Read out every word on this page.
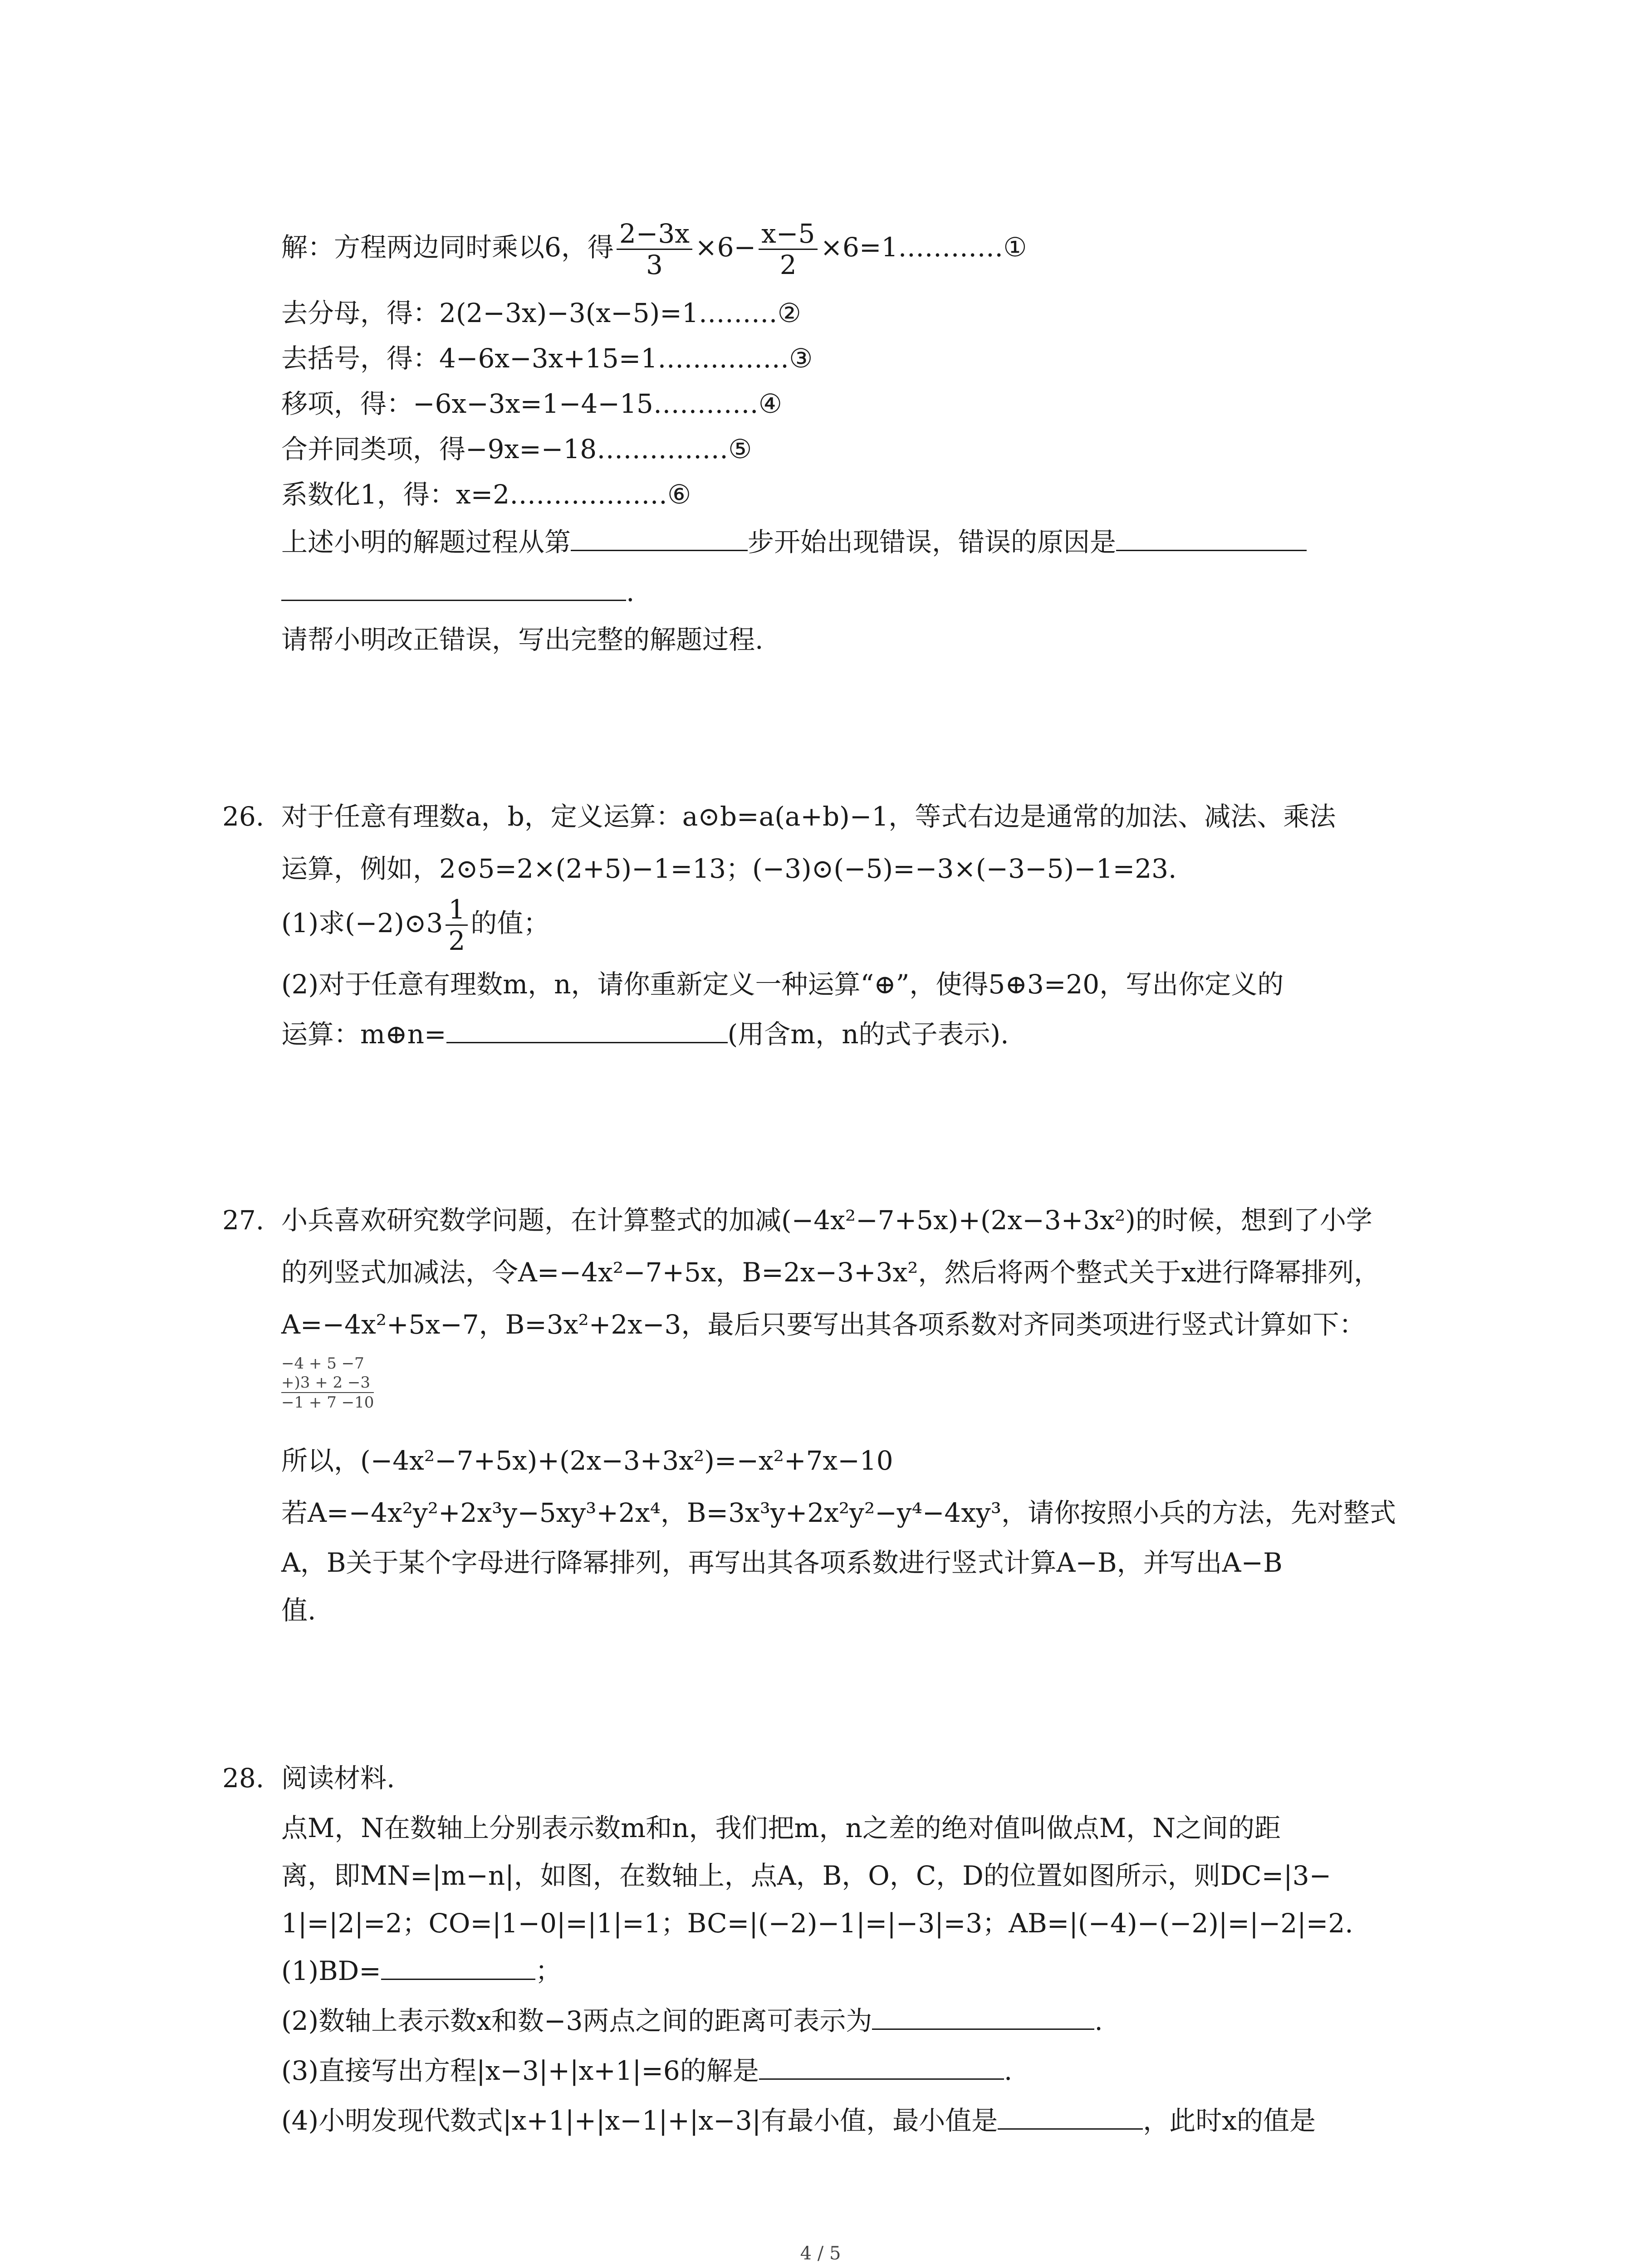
解：方程两边同时乘以6，得 $\frac{2-3x}{3} \times 6- \frac{x-5}{2}$ ×6=1…………①
去分母，得：2(2−3x)−3(x−5)=1………②
去括号，得：4−6x−3x+15=1……………③
移项，得：−6x−3x=1−4−15…………④
合并同类项，得−9x=−18……………⑤
系数化1，得：x=2………………⑥
上述小明的解题过程从第	步开始出现错误，错误的原因是
.
请帮小明改正错误，写出完整的解题过程.
26. 对于任意有理数a，b，定义运算：a⊙b=a(a+b)−1，等式右边是通常的加法、减法、乘法
运算，例如，2⊙5=2×(2+5)−1=13；(−3)⊙(−5)=−3×(−3−5)−1=23.
(1)求(−2)⊙3 $\frac{1}{2}$ 的值；
(2)对于任意有理数m，n，请你重新定义一种运算“⊕”，使得5⊕3=20，写出你定义的
运算：m⊕n=	(用含m，n的式子表示).
27. 小兵喜欢研究数学问题，在计算整式的加减(−4x²−7+5x)+(2x−3+3x²)的时候，想到了小学
的列竖式加减法，令A=−4x²−7+5x，B=2x−3+3x²，然后将两个整式关于x进行降幂排列，
A=−4x²+5x−7，B=3x²+2x−3，最后只要写出其各项系数对齐同类项进行竖式计算如下：
−4 + 5 −7
+)3 + 2 −3
−1 + 7 −10
所以，(−4x²−7+5x)+(2x−3+3x²)=−x²+7x−10
若A=−4x²y²+2x³y−5xy³+2x⁴，B=3x³y+2x²y²−y⁴−4xy³，请你按照小兵的方法，先对整式
A，B关于某个字母进行降幂排列，再写出其各项系数进行竖式计算A−B，并写出A−B
值.
28. 阅读材料.
点M，N在数轴上分别表示数m和n，我们把m，n之差的绝对值叫做点M，N之间的距
离，即MN=|m−n|，如图，在数轴上，点A，B，O，C，D的位置如图所示，则DC=|3−
1|=|2|=2；CO=|1−0|=|1|=1；BC=|(−2)−1|=|−3|=3；AB=|(−4)−(−2)|=|−2|=2.
(1)BD=	；
(2)数轴上表示数x和数−3两点之间的距离可表示为	.
(3)直接写出方程|x−3|+|x+1|=6的解是	.
(4)小明发现代数式|x+1|+|x−1|+|x−3|有最小值，最小值是	，此时x的值是
4 / 5
